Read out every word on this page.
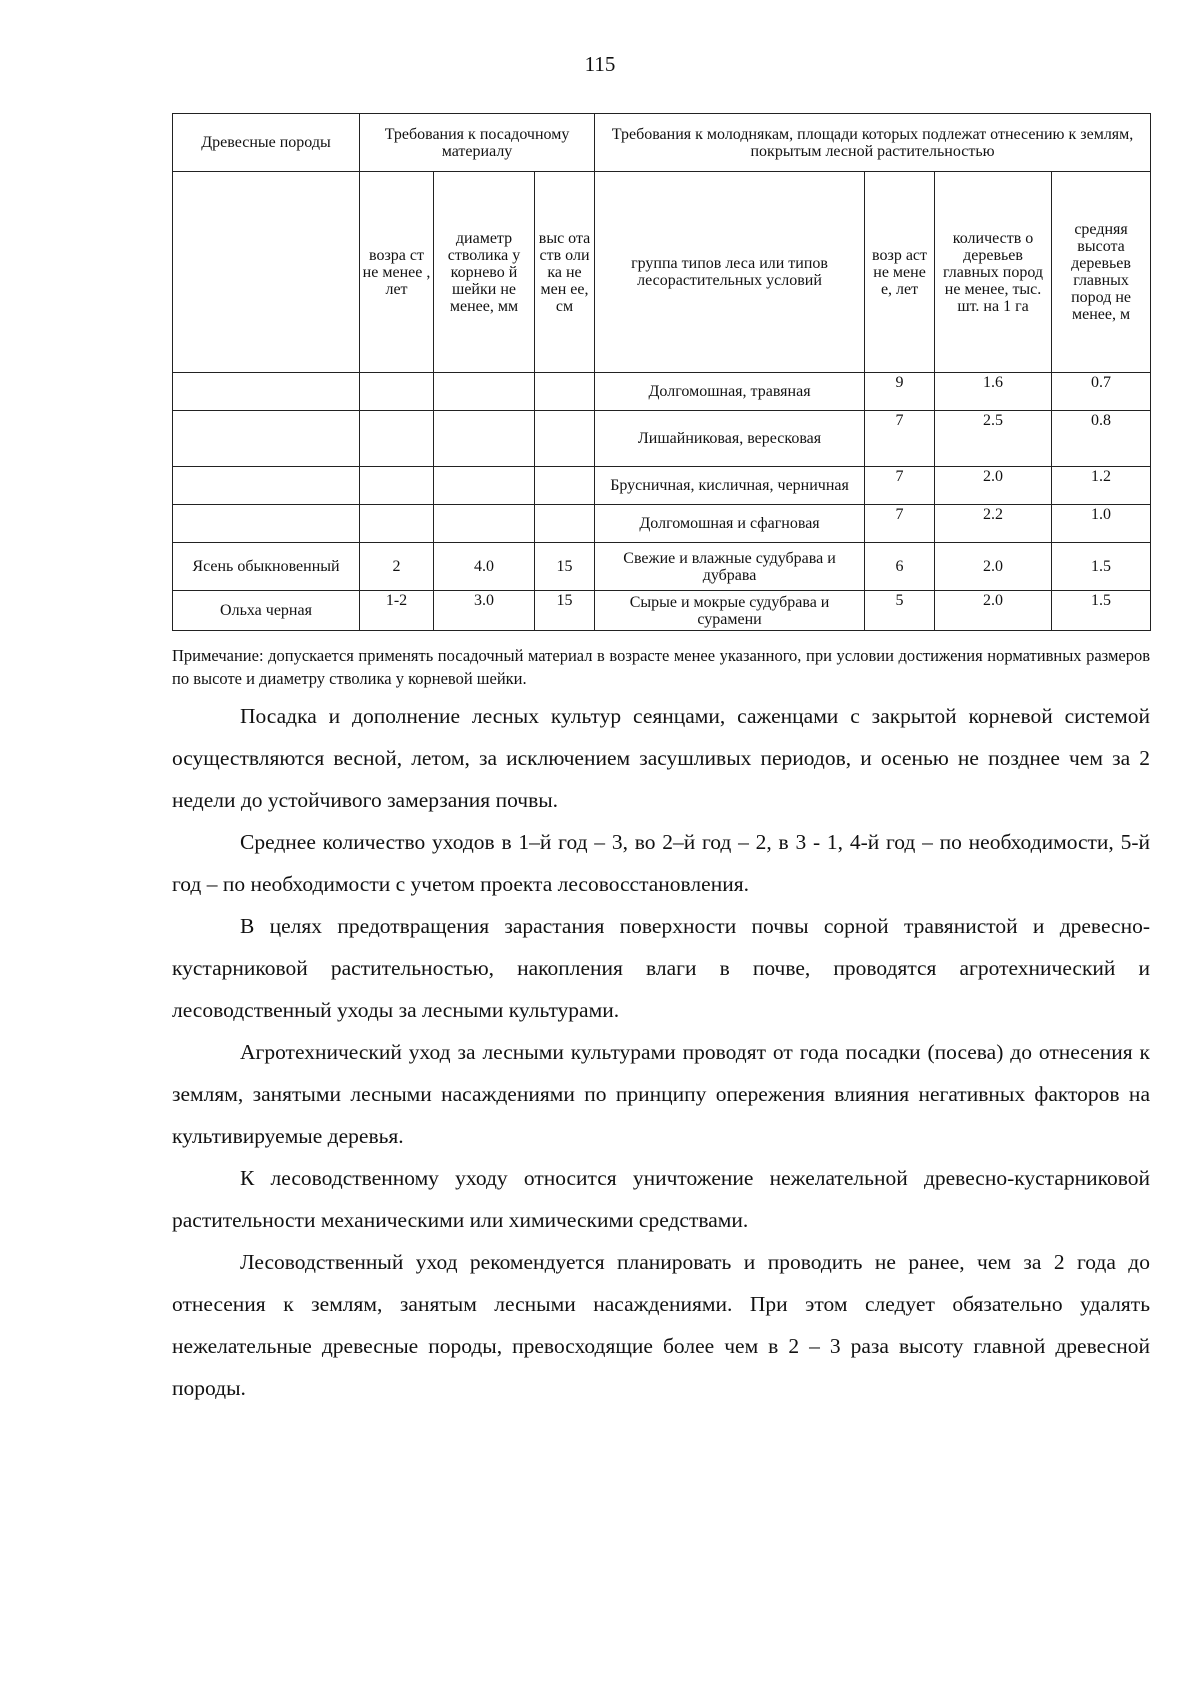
115
Древесные породы	Требования к посадочному материалу			Требования к молоднякам, площади которых подлежат отнесению к землям, покрытым лесной растительностью			
	возра ст не менее , лет	диаметр стволика у корнево й шейки не менее, мм	выс ота ств оли ка не мен ее, см	группа типов леса или типов лесорастительных условий	возр аст не мене е, лет	количеств о деревьев главных пород не менее, тыс. шт. на 1 га	средняя высота деревьев главных пород не менее, м
				Долгомошная, травяная	9	1.6	0.7
				Лишайниковая, вересковая	7	2.5	0.8
				Брусничная, кисличная, черничная	7	2.0	1.2
				Долгомошная и сфагновая	7	2.2	1.0
Ясень обыкновенный	2	4.0	15	Свежие и влажные судубрава и дубрава	6	2.0	1.5
Ольха черная	1-2	3.0	15	Сырые и мокрые судубрава и сурамени	5	2.0	1.5
Примечание: допускается применять посадочный материал в возрасте менее указанного, при условии достижения нормативных размеров по высоте и диаметру стволика у корневой шейки.

Посадка и дополнение лесных культур сеянцами, саженцами с закрытой корневой системой осуществляются весной, летом, за исключением засушливых периодов, и осенью не позднее чем за 2 недели до устойчивого замерзания почвы.

Среднее количество уходов в 1–й год – 3, во 2–й год – 2, в 3 - 1, 4-й год – по необходимости, 5-й год – по необходимости с учетом проекта лесовосстановления.

В целях предотвращения зарастания поверхности почвы сорной травянистой и древесно-кустарниковой растительностью, накопления влаги в почве, проводятся агротехнический и лесоводственный уходы за лесными культурами.

Агротехнический уход за лесными культурами проводят от года посадки (посева) до отнесения к землям, занятыми лесными насаждениями по принципу опережения влияния негативных факторов на культивируемые деревья.

К лесоводственному уходу относится уничтожение нежелательной древесно-кустарниковой растительности механическими или химическими средствами.

Лесоводственный уход рекомендуется планировать и проводить не ранее, чем за 2 года до отнесения к землям, занятым лесными насаждениями. При этом следует обязательно удалять нежелательные древесные породы, превосходящие более чем в 2 – 3 раза высоту главной древесной породы.
